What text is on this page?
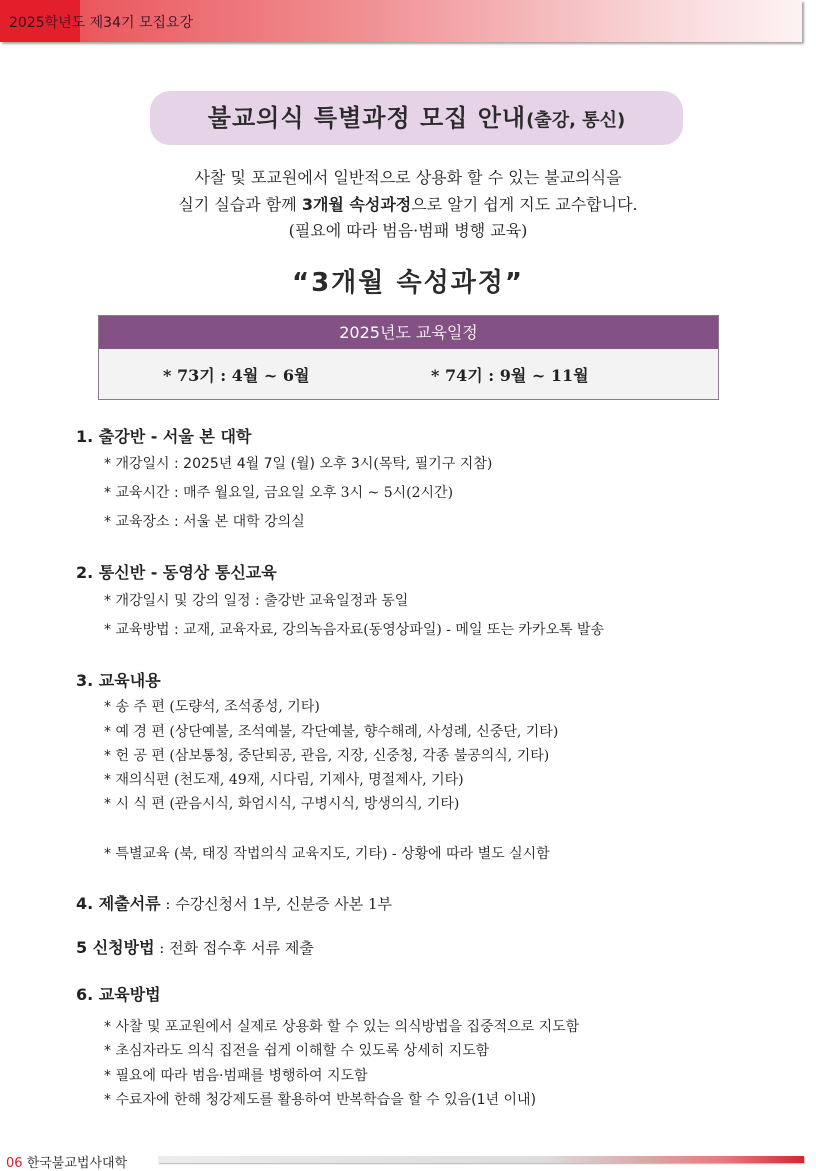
2025학년도 제34기 모집요강
불교의식 특별과정 모집 안내(출강, 통신)
사찰 및 포교원에서 일반적으로 상용화 할 수 있는 불교의식을
실기 실습과 함께 3개월 속성과정으로 알기 쉽게 지도 교수합니다.
(필요에 따라 범음·범패 병행 교육)
“3개월 속성과정”
2025년도 교육일정
* 73기 : 4월 ~ 6월	* 74기 : 9월 ~ 11월
1. 출강반 - 서울 본 대학
* 개강일시 : 2025년 4월 7일 (월) 오후 3시(목탁, 필기구 지참)
* 교육시간 : 매주 월요일, 금요일 오후 3시 ~ 5시(2시간)
* 교육장소 : 서울 본 대학 강의실
2. 통신반 - 동영상 통신교육
* 개강일시 및 강의 일정 : 출강반 교육일정과 동일
* 교육방법 : 교재, 교육자료, 강의녹음자료(동영상파일) - 메일 또는 카카오톡 발송
3. 교육내용
* 송 주 편 (도량석, 조석종성, 기타)
* 예 경 편 (상단예불, 조석예불, 각단예불, 향수해례, 사성례, 신중단, 기타)
* 헌 공 편 (삼보통청, 중단퇴공, 관음, 지장, 신중청, 각종 불공의식, 기타)
* 재의식편 (천도재, 49재, 시다림, 기제사, 명절제사, 기타)
* 시 식 편 (관음시식, 화엄시식, 구병시식, 방생의식, 기타)
* 특별교육 (북, 태징 작법의식 교육지도, 기타) - 상황에 따라 별도 실시함
4. 제출서류 : 수강신청서 1부, 신분증 사본 1부
5 신청방법 : 전화 접수후 서류 제출
6. 교육방법
* 사찰 및 포교원에서 실제로 상용화 할 수 있는 의식방법을 집중적으로 지도함
* 초심자라도 의식 집전을 쉽게 이해할 수 있도록 상세히 지도함
* 필요에 따라 범음·범패를 병행하여 지도함
* 수료자에 한해 청강제도를 활용하여 반복학습을 할 수 있음(1년 이내)
06 한국불교법사대학
